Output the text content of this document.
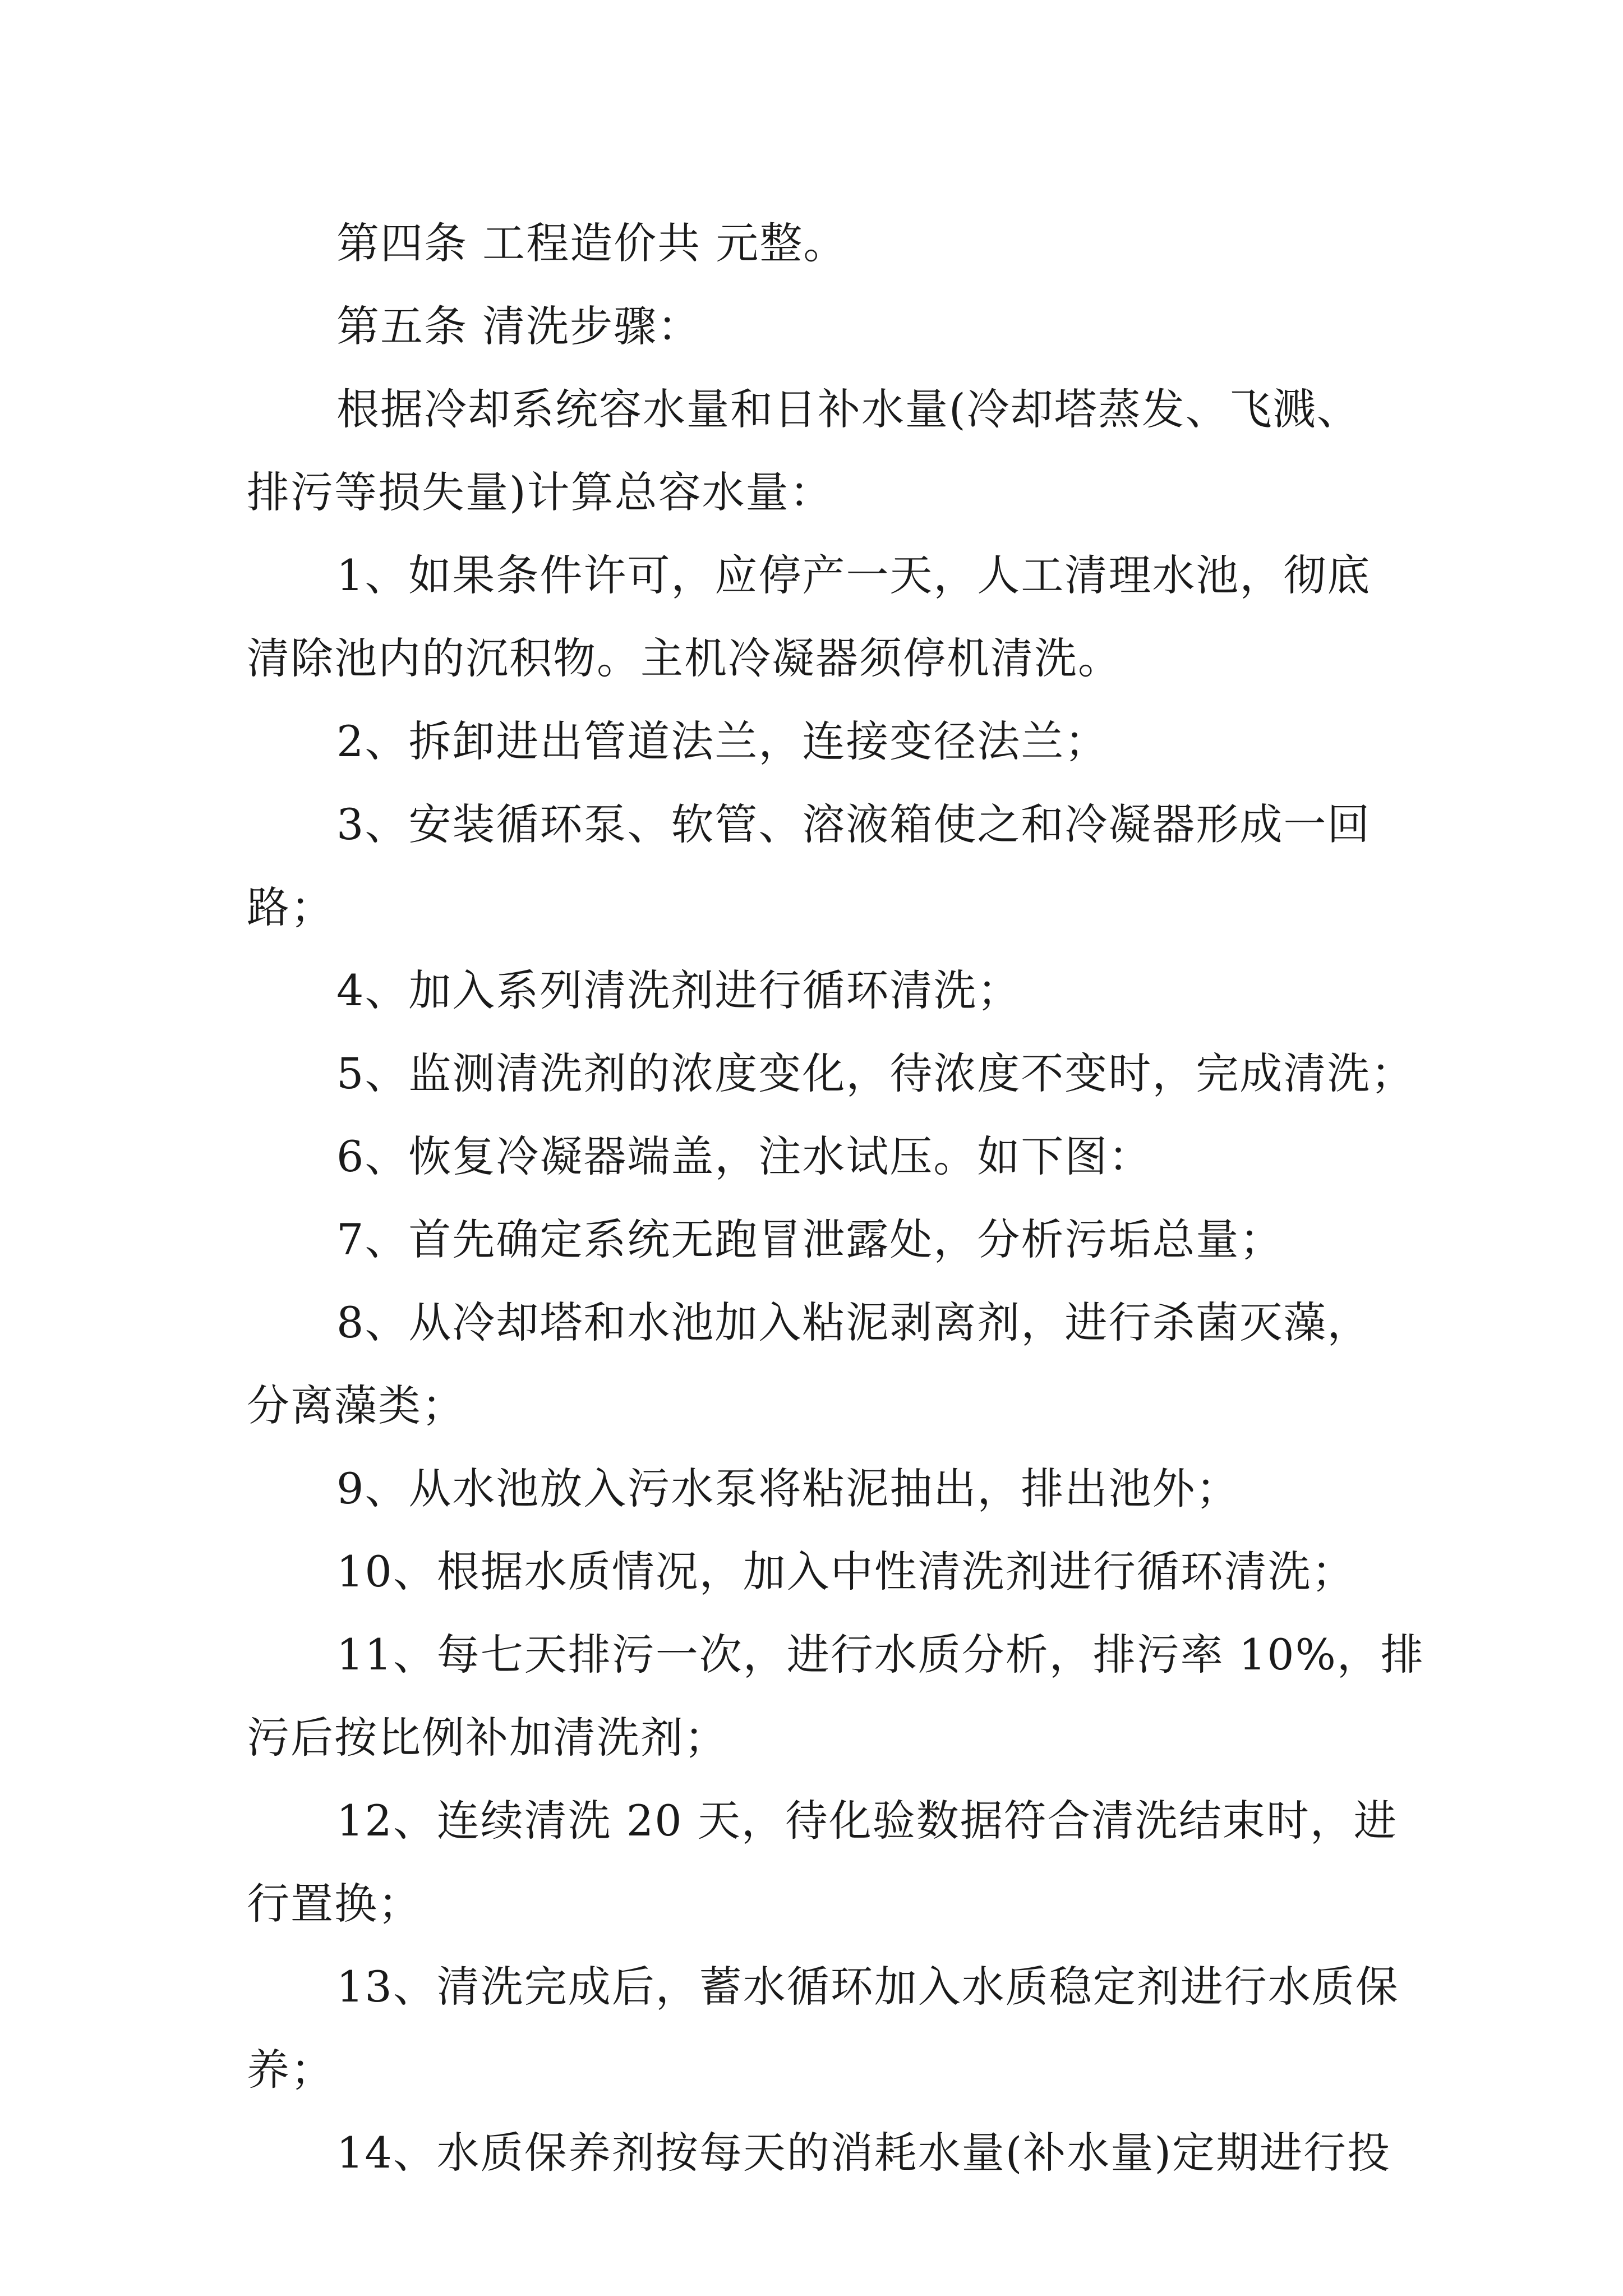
第四条 工程造价共 元整。
第五条 清洗步骤：
根据冷却系统容水量和日补水量(冷却塔蒸发、飞溅、
排污等损失量)计算总容水量：
1、如果条件许可，应停产一天，人工清理水池，彻底
清除池内的沉积物。主机冷凝器须停机清洗。
2、拆卸进出管道法兰，连接变径法兰；
3、安装循环泵、软管、溶液箱使之和冷凝器形成一回
路；
4、加入系列清洗剂进行循环清洗；
5、监测清洗剂的浓度变化，待浓度不变时，完成清洗；
6、恢复冷凝器端盖，注水试压。如下图：
7、首先确定系统无跑冒泄露处，分析污垢总量；
8、从冷却塔和水池加入粘泥剥离剂，进行杀菌灭藻，
分离藻类；
9、从水池放入污水泵将粘泥抽出，排出池外；
10、根据水质情况，加入中性清洗剂进行循环清洗；
11、每七天排污一次，进行水质分析，排污率 10%，排
污后按比例补加清洗剂；
12、连续清洗 20 天，待化验数据符合清洗结束时，进
行置换；
13、清洗完成后，蓄水循环加入水质稳定剂进行水质保
养；
14、水质保养剂按每天的消耗水量(补水量)定期进行投
